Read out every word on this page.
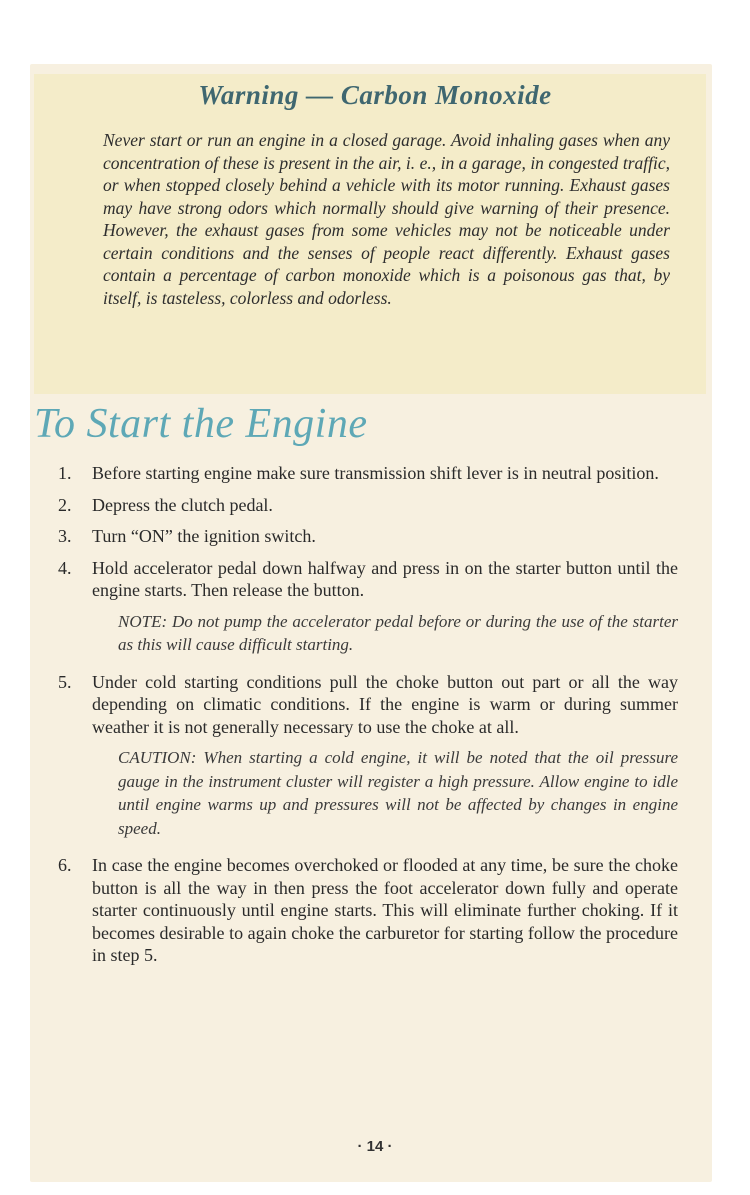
Warning — Carbon Monoxide

Never start or run an engine in a closed garage. Avoid inhaling gases when any concentration of these is present in the air, i. e., in a garage, in congested traffic, or when stopped closely behind a vehicle with its motor running. Exhaust gases may have strong odors which normally should give warning of their presence. However, the exhaust gases from some vehicles may not be noticeable under certain conditions and the senses of people react differently. Exhaust gases contain a percentage of carbon monoxide which is a poisonous gas that, by itself, is tasteless, colorless and odorless.

To Start the Engine
1. Before starting engine make sure transmission shift lever is in neutral position.
2. Depress the clutch pedal.
3. Turn “ON” the ignition switch.
4. Hold accelerator pedal down halfway and press in on the starter button until the engine starts. Then release the button.
NOTE: Do not pump the accelerator pedal before or during the use of the starter as this will cause difficult starting.
5. Under cold starting conditions pull the choke button out part or all the way depending on climatic conditions. If the engine is warm or during summer weather it is not generally necessary to use the choke at all.
CAUTION: When starting a cold engine, it will be noted that the oil pressure gauge in the instrument cluster will register a high pressure. Allow engine to idle until engine warms up and pressures will not be affected by changes in engine speed.
6. In case the engine becomes overchoked or flooded at any time, be sure the choke button is all the way in then press the foot accelerator down fully and operate starter continuously until engine starts. This will eliminate further choking. If it becomes desirable to again choke the carburetor for starting follow the procedure in step 5.
· 14 ·
